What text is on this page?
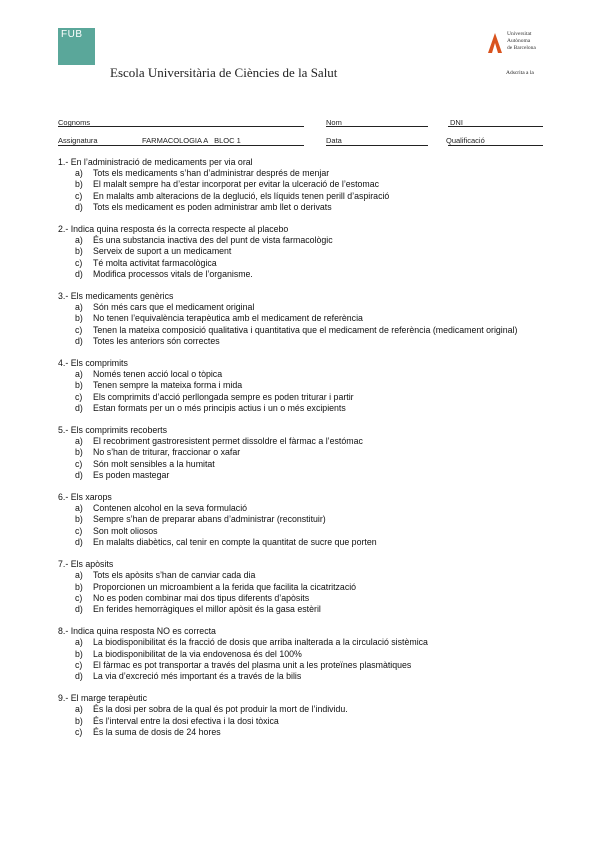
FUB
Escola Universitària de Ciències de la Salut
Universitat
Autònoma
de Barcelona
Adscrita a la
Cognoms	Nom	DNI
Assignatura	FARMACOLOGIA A   BLOC 1	Data	Qualificació
1.- En l’administració de medicaments per via oral
a) Tots els medicaments s’han d’administrar després de menjar
b) El malalt sempre ha d’estar incorporat per evitar la ulceració de l’estomac
c) En malalts amb alteracions de la deglució, els líquids tenen perill d’aspiració
d) Tots els medicament es poden administrar amb llet o derivats
2.- Indica quina resposta és la correcta respecte al placebo
a) És una substancia inactiva des del punt de vista farmacològic
b) Serveix de suport a un medicament
c) Té molta activitat farmacològica
d) Modifica processos vitals de l’organisme.
3.- Els medicaments genèrics
a) Són més cars que el medicament original
b) No tenen l’equivalència terapèutica amb el medicament de referència
c) Tenen la mateixa composició qualitativa i quantitativa que el medicament de referència (medicament original)
d) Totes les anteriors són correctes
4.- Els comprimits
a) Només tenen acció local o tòpica
b) Tenen sempre la mateixa forma i mida
c) Els comprimits d’acció perllongada sempre es poden triturar i partir
d) Estan formats per un o més principis actius i un o més excipients
5.- Els comprimits recoberts
a) El recobriment gastroresistent permet dissoldre el fàrmac a l’estómac
b) No s’han de triturar, fraccionar o xafar
c) Són molt sensibles a la humitat
d) Es poden mastegar
6.- Els xarops
a) Contenen alcohol en la seva formulació
b) Sempre s’han de preparar abans d’administrar (reconstituir)
c) Son molt oliosos
d) En malalts diabètics, cal tenir en compte la quantitat de sucre que porten
7.- Els apòsits
a) Tots els apòsits s’han de canviar cada dia
b) Proporcionen un microambient a la ferida que facilita la cicatrització
c) No es poden combinar mai dos tipus diferents d’apòsits
d) En ferides hemorràgiques el millor apòsit és la gasa estèril
8.- Indica quina resposta NO es correcta
a) La biodisponibilitat és la fracció de dosis que arriba inalterada a la circulació sistèmica
b) La biodisponibilitat de la via endovenosa és del 100%
c) El fàrmac es pot transportar a través del plasma unit a les proteïnes plasmàtiques
d) La via d’excreció més important és a través de la bilis
9.- El marge terapèutic
a) És la dosi per sobra de la qual és pot produir la mort de l’individu.
b) És l’interval entre la dosi efectiva i la dosi tòxica
c) És la suma de dosis de 24 hores
